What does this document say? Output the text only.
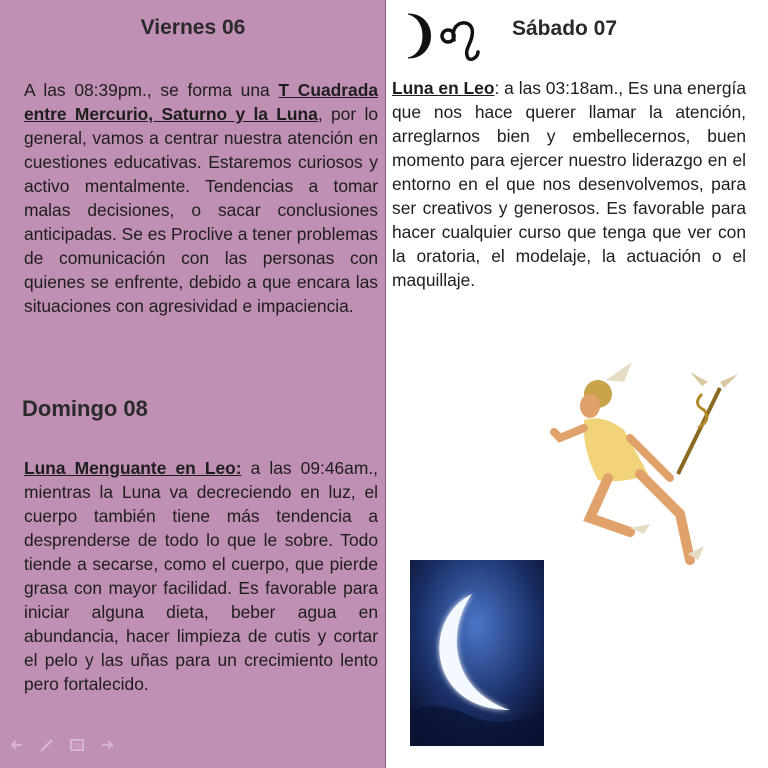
Viernes 06
A las 08:39pm., se forma una T Cuadrada entre Mercurio, Saturno y la Luna, por lo general, vamos a centrar nuestra atención en cuestiones educativas. Estaremos curiosos y activo mentalmente. Tendencias a tomar malas decisiones, o sacar conclusiones anticipadas. Se es Proclive a tener problemas de comunicación con las personas con quienes se enfrente, debido a que encara las situaciones con agresividad e impaciencia.
Domingo 08
Luna Menguante en Leo: a las 09:46am., mientras la Luna va decreciendo en luz, el cuerpo también tiene más tendencia a desprenderse de todo lo que le sobre. Todo tiende a secarse, como el cuerpo, que pierde grasa con mayor facilidad. Es favorable para iniciar alguna dieta, beber agua en abundancia, hacer limpieza de cutis y cortar el pelo y las uñas para un crecimiento lento pero fortalecido.
Sábado 07
Luna en Leo: a las 03:18am., Es una energía que nos hace querer llamar la atención, arreglarnos bien y embellecernos, buen momento para ejercer nuestro liderazgo en el entorno en el que nos desenvolvemos, para ser creativos y generosos. Es favorable para hacer cualquier curso que tenga que ver con la oratoria, el modelaje, la actuación o el maquillaje.
